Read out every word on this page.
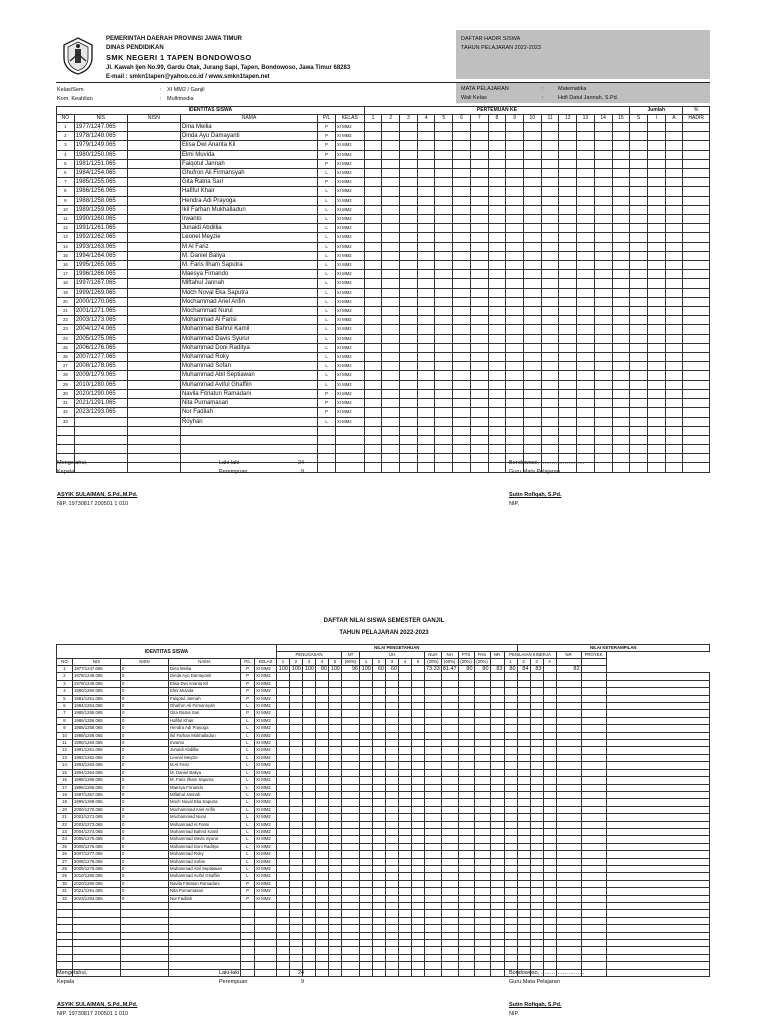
PEMERINTAH DAERAH PROVINSI JAWA TIMUR
DINAS PENDIDIKAN
SMK NEGERI 1 TAPEN BONDOWOSO
Jl. Kawah Ijen No.99, Gardu Otak, Jurang Sapi, Tapen, Bondowoso, Jawa Timur 68283
E-mail : smkn1tapen@yahoo.co.id / www.smkn1tapen.net
DAFTAR HADIR SISWA
TAHUN PELAJARAN 2022-2023
Kelas/Sem	: XI MM2 / Ganjil
Kom. Keahlian	: Multimedia
MATA PELAJARAN	:	Matematika
Wali Kelas	:	Hofi Datul Jannah, S.Pd.
IDENTITAS SISWA						PERTEMUAN KE															Jumlah			%
NO	NIS	NISN	NAMA	P/L	KELAS	1	2	3	4	5	6	7	8	9	10	11	12	13	14	15	S	I	A	HADIR
1	1977/1247.065		Dina Meilia	P	XI MM2																			
2	1978/1248.065		Dinda Ayu Damayanti	P	XI MM2																			
3	1979/1249.065		Elisa Dwi Ananta Kil	P	XI MM2																			
4	1980/1250.065		Elmi Muvida	P	XI MM2																			
5	1981/1251.065		Faiqotul Jannah	P	XI MM2																			
6	1984/1254.065		Ghufron Ali Firmansyah	L	XI MM2																			
7	1985/1255.065		Gita Ratna Sari	P	XI MM2																			
8	1986/1256.065		Hafiful Khair	L	XI MM2																			
9	1988/1258.065		Hendra Adi Prayoga	L	XI MM2																			
10	1989/1259.065		Ikil Farhan Mukhalladun	L	XI MM2																			
11	1990/1260.065		Irwanto	L	XI MM2																			
12	1991/1261.065		Junaidi Abdillia	L	XI MM2																			
13	1992/1262.065		Leonel Meyzie	L	XI MM2																			
14	1993/1263.065		M Al Fariz	L	XI MM2																			
15	1994/1264.065		M. Daniel Baliya	L	XI MM2																			
16	1995/1265.065		M. Faris Ilham Saputra	L	XI MM2																			
17	1996/1266.065		Maesya Firnando	L	XI MM2																			
18	1997/1267.065		Miftahul Jannah	L	XI MM2																			
19	1999/1269.065		Moch Noval Eka Saputra	L	XI MM2																			
20	2000/1270.065		Mochammad Ariel Arifin	L	XI MM2																			
21	2001/1271.065		Mochammad Nurul	L	XI MM2																			
22	2003/1273.065		Mohammad Al Farisi	L	XI MM2																			
23	2004/1274.065		Mohammad Bahrul Kamil	L	XI MM2																			
24	2005/1275.065		Mohammad Davis Syurur	L	XI MM2																			
25	2006/1276.065		Mohammad Doni Raditya	L	XI MM2																			
26	2007/1277.065		Mohammad Roky	L	XI MM2																			
27	2008/1278.065		Mohammad Sofan	L	XI MM2																			
28	2009/1279.065		Muhammad Abil Septiawan	L	XI MM2																			
29	2010/1280.065		Muhammad Aviful Ghaffiin	L	XI MM2																			
30	2020/1290.065		Navila Fitriatun Ramadani	P	XI MM2																			
31	2021/1291.065		Nita Purnamasari	P	XI MM2																			
32	2023/1293.065		Nur Fadilah	P	XI MM2																			
33			Royhan	L	XI MM2																			

Mengetahui,
Kepala
Laki-laki
Perempuan
24
9
Bondowoso, ……………………
Guru Mata Pelajaran
ASYIK SULAIMAN, S.Pd.,M.Pd.
NIP. 19730817 200501 1 010
Sutin Rofiqah, S.Pd.
NIP.
DAFTAR NILAI SISWA SEMESTER GANJIL
TAHUN PELAJARAN 2022-2023
IDENTITAS SISWA						NILAI PENGETAHUAN																	NILAI KETERAMPILAN					
						PENUGASAN					NT	UH					NUH	NH	PTS	PAS	NR	PENILAIAN KINERJA				NR	PROYEK	
NO	NIS	NISN	NAMA	P/L	KELAS	1	2	3	4	5	(60%)	1	2	3	4	5	(20%)	(60%)	(20%)	(20%)		1	2	3	4			
1	1977/1247.065	0	Dina Meilia	P	XI MM2	100	100	100	80	100	96	100	60	60			73.33	81.47	80	80	83	80	84	83		82		
2	1978/1248.065	0	Dinda Ayu Damayanti	P	XI MM2																							
3	1979/1249.065	0	Elisa Dwi Ananta Kil	P	XI MM2																							
4	1980/1250.065	0	Elmi Muvida	P	XI MM2																							
5	1981/1251.065	0	Faiqotul Jannah	P	XI MM2																							
6	1984/1254.065	0	Ghufron Ali Firmansyah	L	XI MM2																							
7	1985/1255.065	0	Gita Ratna Sari	P	XI MM2																							
8	1986/1256.065	0	Hafiful Khair	L	XI MM2																							
9	1988/1258.065	0	Hendra Adi Prayoga	L	XI MM2																							
10	1989/1259.065	0	Ikil Farhan Mukhalladun	L	XI MM2																							
11	1990/1260.065	0	Irwanto	L	XI MM2																							
12	1991/1261.065	0	Junaidi Abdillia	L	XI MM2																							
13	1992/1262.065	0	Leonel Meyzie	L	XI MM2																							
14	1993/1263.065	0	M Al Fariz	L	XI MM2																							
15	1994/1264.065	0	M. Daniel Baliya	L	XI MM2																							
16	1995/1265.065	0	M. Faris Ilham Saputra	L	XI MM2																							
17	1996/1266.065	0	Maesya Firnando	L	XI MM2																							
18	1997/1267.065	0	Miftahul Jannah	L	XI MM2																							
19	1999/1269.065	0	Moch Noval Eka Saputra	L	XI MM2																							
20	2000/1270.065	0	Mochammad Ariel Arifin	L	XI MM2																							
21	2001/1271.065	0	Mochammad Nurul	L	XI MM2																							
22	2003/1273.065	0	Mohammad Al Farisi	L	XI MM2																							
23	2004/1274.065	0	Mohammad Bahrul Kamil	L	XI MM2																							
24	2005/1275.065	0	Mohammad Davis Syurur	L	XI MM2																							
25	2006/1276.065	0	Mohammad Doni Raditya	L	XI MM2																							
26	2007/1277.065	0	Mohammad Roky	L	XI MM2																							
27	2008/1278.065	0	Mohammad Sofan	L	XI MM2																							
28	2009/1279.065	0	Muhammad Abil Septiawan	L	XI MM2																							
29	2010/1280.065	0	Muhammad Aviful Ghaffiin	L	XI MM2																							
30	2020/1290.065	0	Navila Fitriatun Ramadani	P	XI MM2																							
31	2021/1291.065	0	Nita Purnamasari	P	XI MM2																							
32	2023/1293.065	0	Nur Fadilah	P	XI MM2																							

Mengetahui,
Kepala
Laki-laki
Perempuan
24
9
Bondowoso, ……………………
Guru Mata Pelajaran
ASYIK SULAIMAN, S.Pd.,M.Pd.
NIP. 19730817 200501 1 010
Sutin Rofiqah, S.Pd.
NIP.
